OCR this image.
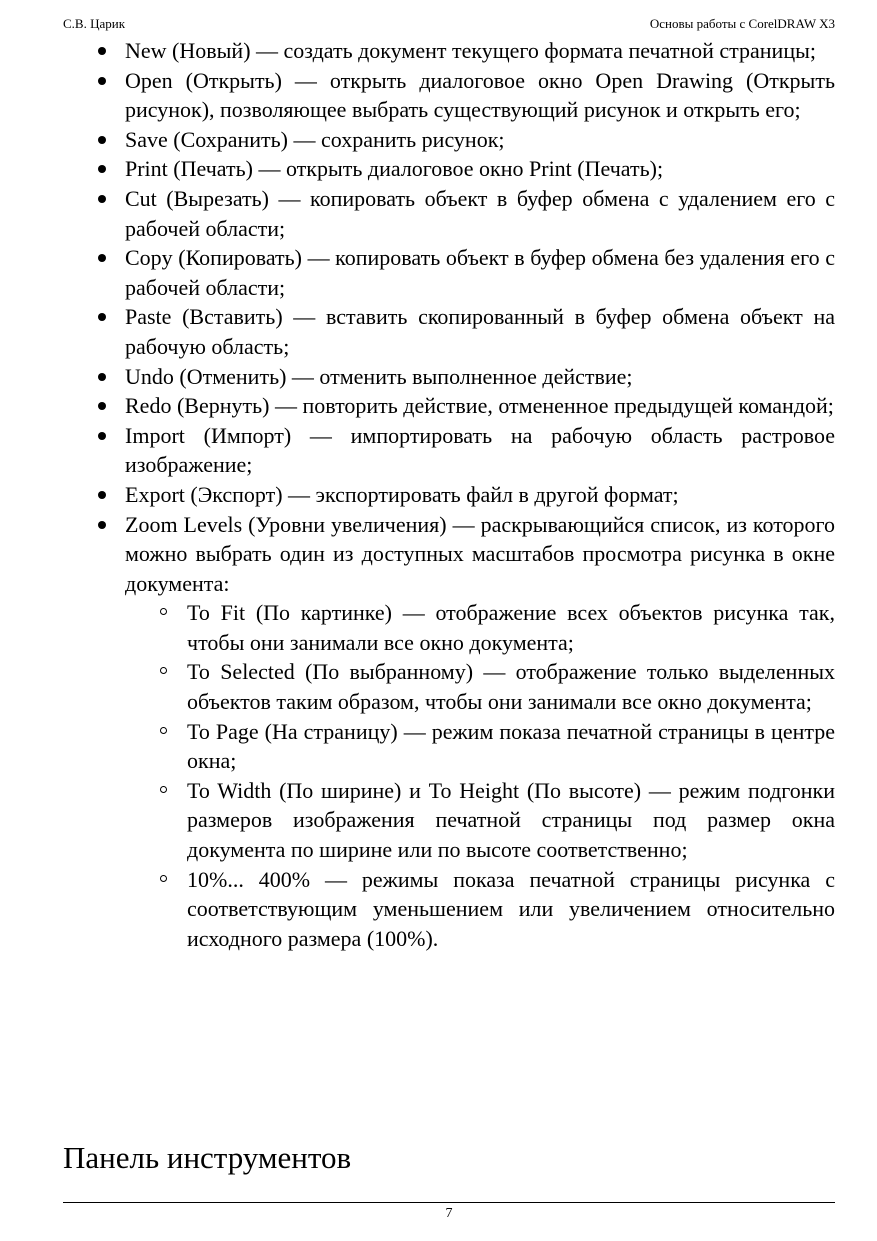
С.В. Царик	Основы работы с CorelDRAW X3
New (Новый) — создать документ текущего формата печатной страницы;
Open (Открыть) — открыть диалоговое окно Open Drawing (Открыть рисунок), позволяющее выбрать существующий рисунок и открыть его;
Save (Сохранить) — сохранить рисунок;
Print (Печать) — открыть диалоговое окно Print (Печать);
Cut (Вырезать) — копировать объект в буфер обмена с удалением его с рабочей области;
Copy (Копировать) — копировать объект в буфер обмена без удаления его с рабочей области;
Paste (Вставить) — вставить скопированный в буфер обмена объект на рабочую область;
Undo (Отменить) — отменить выполненное действие;
Redo (Вернуть) — повторить действие, отмененное предыдущей командой;
Import (Импорт) — импортировать на рабочую область растровое изображение;
Export (Экспорт) — экспортировать файл в другой формат;
Zoom Levels (Уровни увеличения) — раскрывающийся список, из которого можно выбрать один из доступных масштабов просмотра рисунка в окне документа:
To Fit (По картинке) — отображение всех объектов рисунка так, чтобы они занимали все окно документа;
To Selected (По выбранному) — отображение только выделенных объектов таким образом, чтобы они занимали все окно документа;
To Page (На страницу) — режим показа печатной страницы в центре окна;
To Width (По ширине) и To Height (По высоте) — режим подгонки размеров изображения печатной страницы под размер окна документа по ширине или по высоте соответственно;
10%... 400% — режимы показа печатной страницы рисунка с соответствующим уменьшением или увеличением относительно исходного размера (100%).
Панель инструментов
7
